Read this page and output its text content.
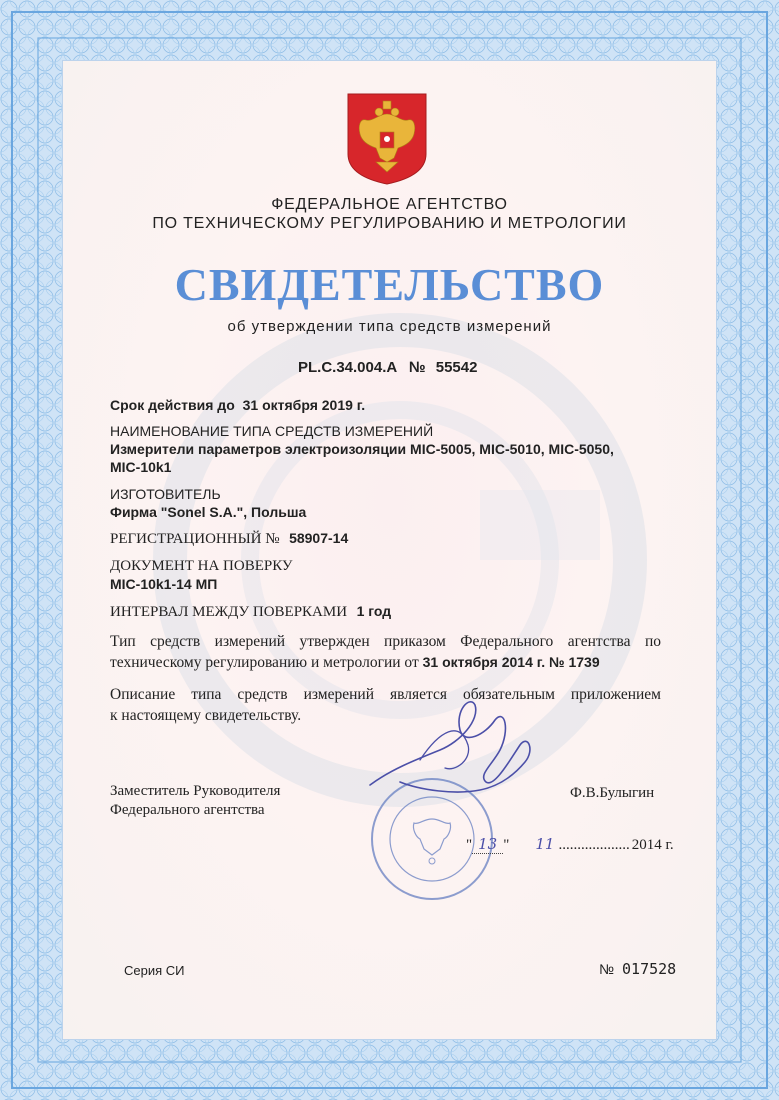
ФЕДЕРАЛЬНОЕ АГЕНТСТВО
ПО ТЕХНИЧЕСКОМУ РЕГУЛИРОВАНИЮ И МЕТРОЛОГИИ
СВИДЕТЕЛЬСТВО
об утверждении типа средств измерений
PL.C.34.004.A № 55542
Срок действия до 31 октября 2019 г.
НАИМЕНОВАНИЕ ТИПА СРЕДСТВ ИЗМЕРЕНИЙ
Измерители параметров электроизоляции MIC-5005, MIC-5010, MIC-5050,
MIC-10k1
ИЗГОТОВИТЕЛЬ
Фирма "Sonel S.A.", Польша
РЕГИСТРАЦИОННЫЙ № 58907-14
ДОКУМЕНТ НА ПОВЕРКУ
MIC-10k1-14 МП
ИНТЕРВАЛ МЕЖДУ ПОВЕРКАМИ 1 год
Тип средств измерений утвержден приказом Федерального агентства по
техническому регулированию и метрологии от 31 октября 2014 г. № 1739
Описание типа средств измерений является обязательным приложением
к настоящему свидетельству.
Заместитель Руководителя
Федерального агентства
Ф.В.Булыгин
" 13 " 11 ................... 2014 г.
Серия СИ	№ 017528
